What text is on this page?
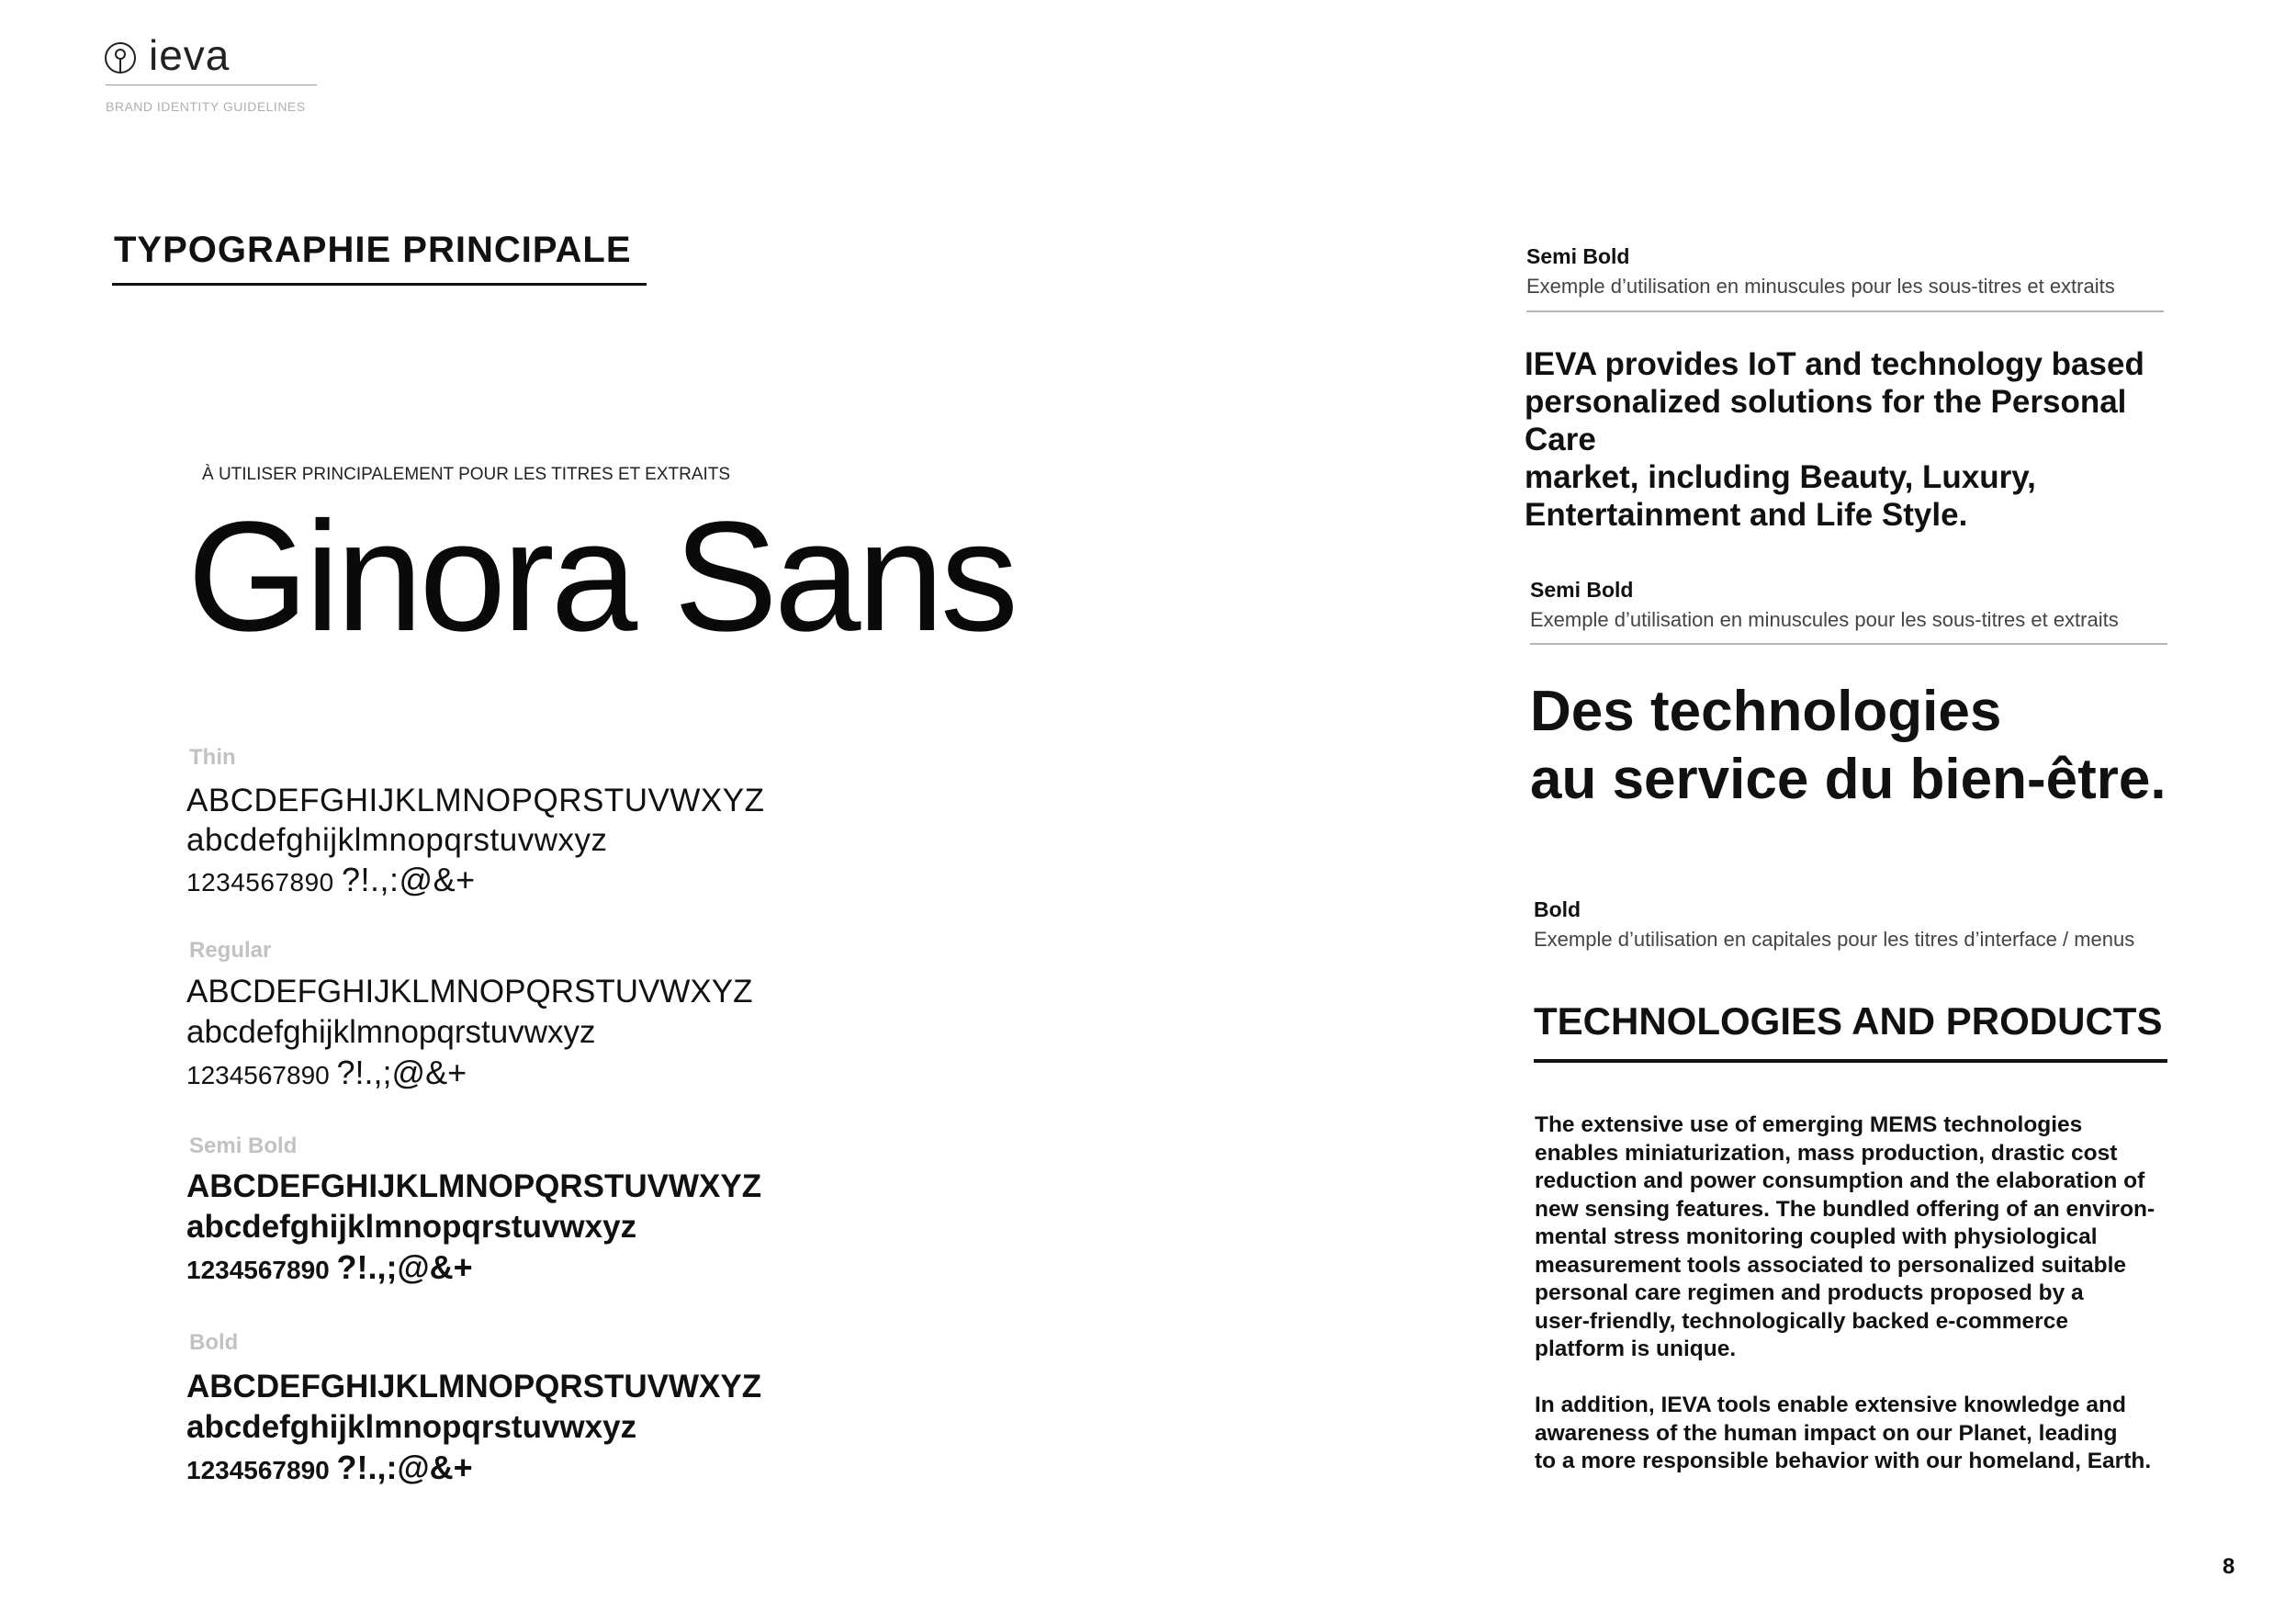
ieva
BRAND IDENTITY GUIDELINES
TYPOGRAPHIE PRINCIPALE
À UTILISER PRINCIPALEMENT POUR LES TITRES ET EXTRAITS
Ginora Sans
Thin
ABCDEFGHIJKLMNOPQRSTUVWXYZ
abcdefghijklmnopqrstuvwxyz
1234567890 ?!.,:@&+
Regular
ABCDEFGHIJKLMNOPQRSTUVWXYZ
abcdefghijklmnopqrstuvwxyz
1234567890 ?!.,;@&+
Semi Bold
ABCDEFGHIJKLMNOPQRSTUVWXYZ
abcdefghijklmnopqrstuvwxyz
1234567890 ?!.,;@&+
Bold
ABCDEFGHIJKLMNOPQRSTUVWXYZ
abcdefghijklmnopqrstuvwxyz
1234567890 ?!.,:@&+
Semi Bold
Exemple d’utilisation en minuscules pour les sous-titres et extraits
IEVA provides IoT and technology based
personalized solutions for the Personal Care
market, including Beauty, Luxury,
Entertainment and Life Style.
Semi Bold
Exemple d’utilisation en minuscules pour les sous-titres et extraits
Des technologies
au service du bien-être.
Bold
Exemple d’utilisation en capitales pour les titres d’interface / menus
TECHNOLOGIES AND PRODUCTS
The extensive use of emerging MEMS technologies
enables miniaturization, mass production, drastic cost
reduction and power consumption and the elaboration of
new sensing features. The bundled offering of an environ-
mental stress monitoring coupled with physiological
measurement tools associated to personalized suitable
personal care regimen and products proposed by a
user-friendly, technologically backed e-commerce
platform is unique.
In addition, IEVA tools enable extensive knowledge and
awareness of the human impact on our Planet, leading
to a more responsible behavior with our homeland, Earth.
8
